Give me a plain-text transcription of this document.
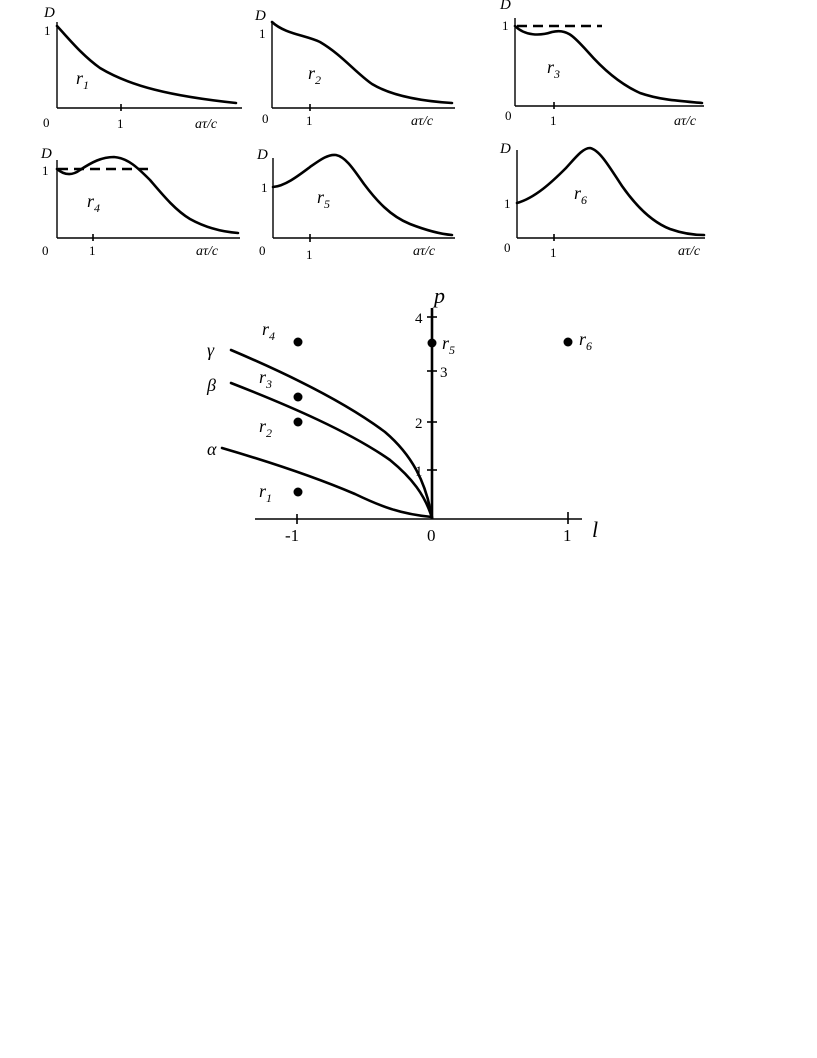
D
1
0	1	aτ/c
$r_1$
D
1
0	1	aτ/c
$r_2$
D
1
0	1	aτ/c
$r_3$
D
1
0	1	aτ/c
$r_4$
D
1
0	1	aτ/c
$r_5$
D
1
0	1	aτ/c
$r_6$
α
β
γ
-1	0	1 l
1
2
3
4
p
$r_1$
$r_2$
$r_3$
$r_4$	$r_5$
$r_6$
